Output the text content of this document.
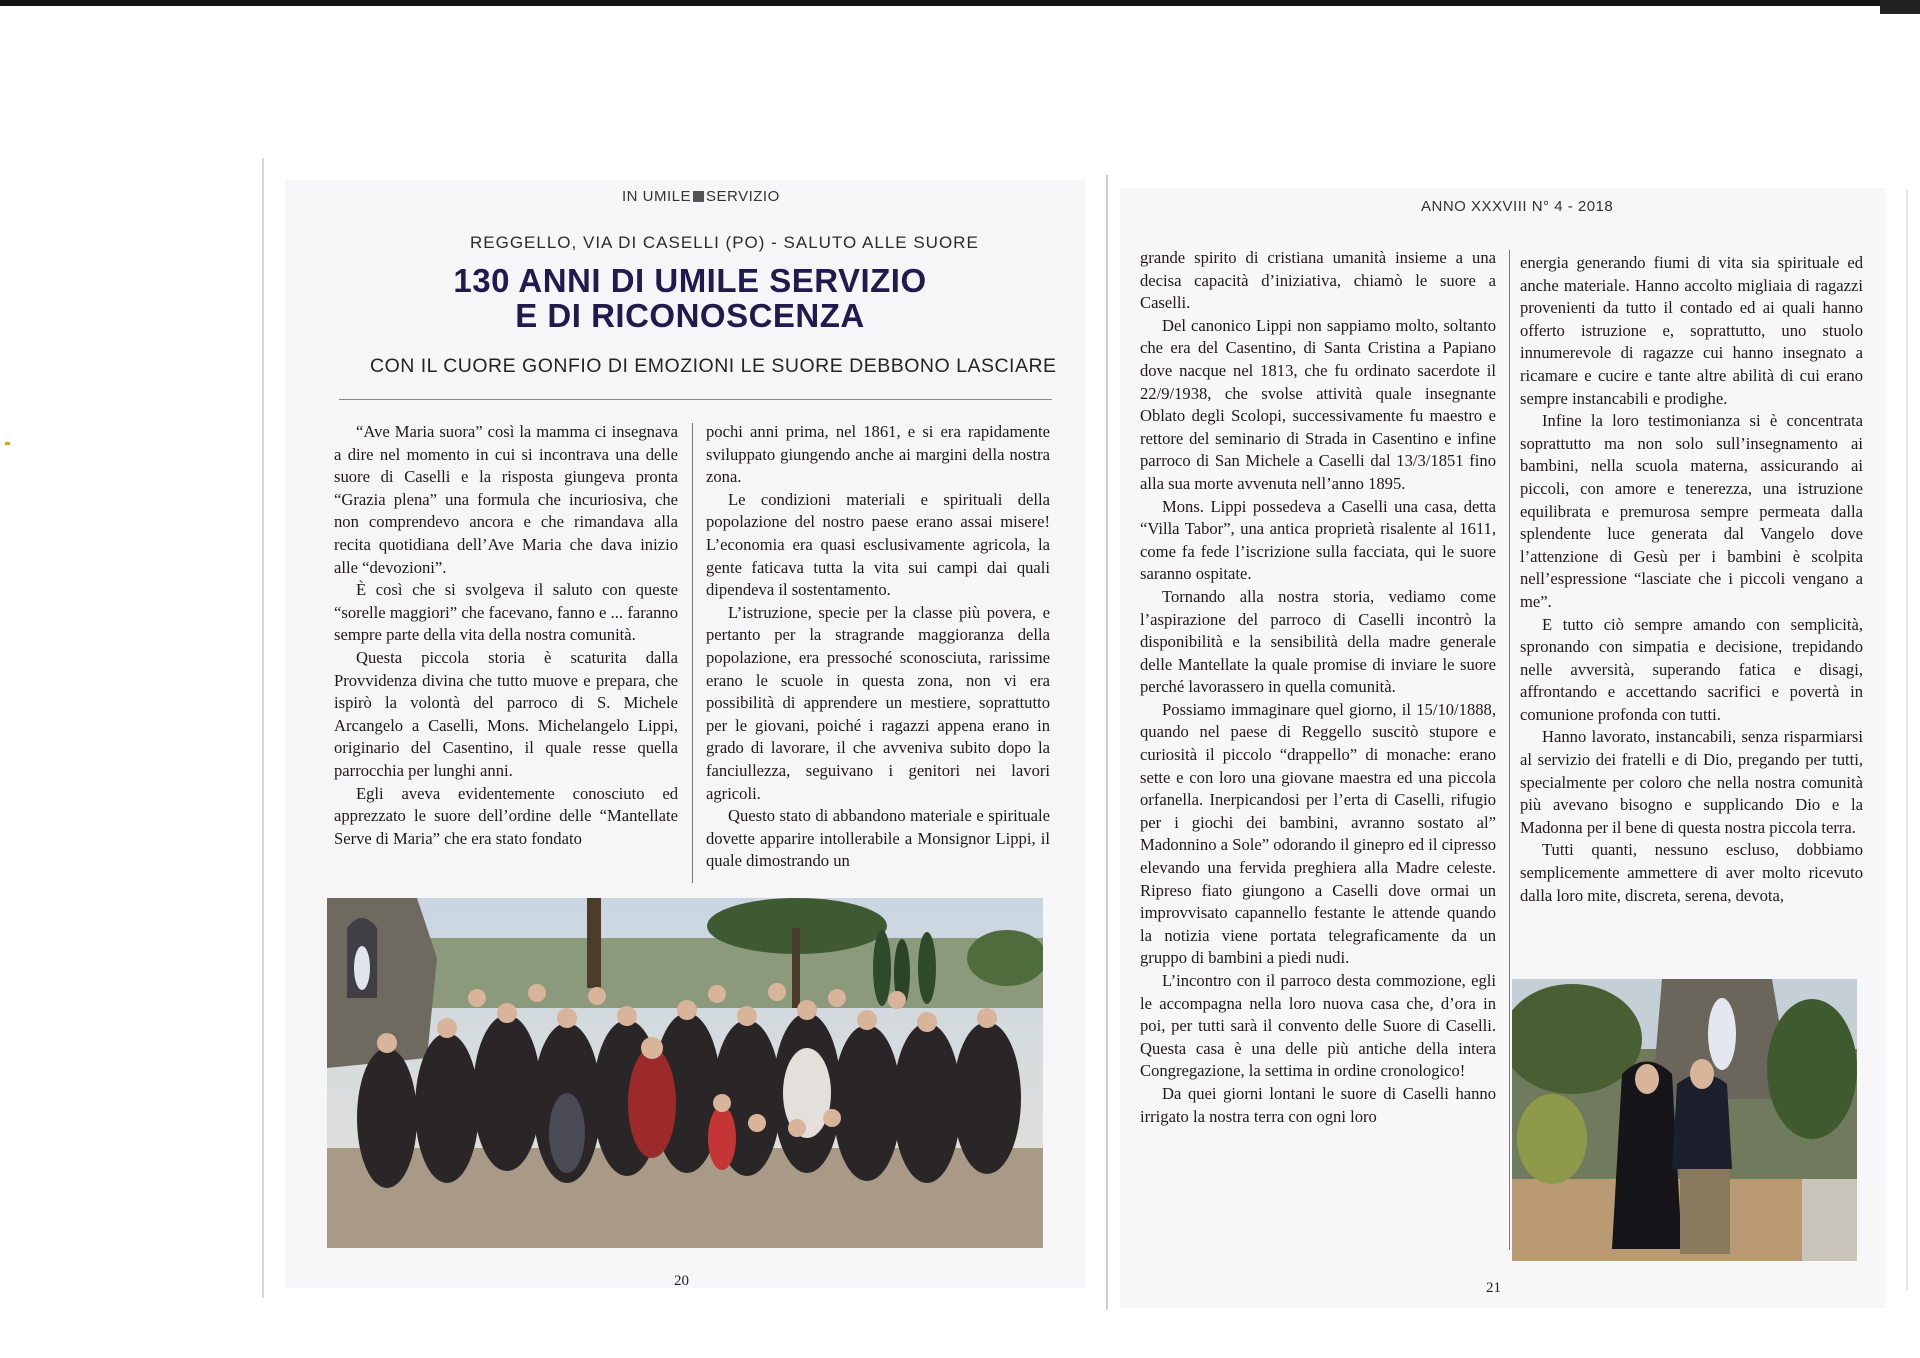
IN UMILE SERVIZIO
REGGELLO, VIA DI CASELLI (PO) - SALUTO ALLE SUORE
130 ANNI DI UMILE SERVIZIO
E DI RICONOSCENZA
CON IL CUORE GONFIO DI EMOZIONI LE SUORE DEBBONO LASCIARE

“Ave Maria suora” così la mamma ci insegnava a dire nel momento in cui si incontrava una delle suore di Caselli e la risposta giungeva pronta “Grazia plena” una formula che incuriosiva, che non comprendevo ancora e che rimandava alla recita quotidiana dell’Ave Maria che dava inizio alle “devozioni”.

È così che si svolgeva il saluto con queste “sorelle maggiori” che facevano, fanno e ... faranno sempre parte della vita della nostra comunità.

Questa piccola storia è scaturita dalla Provvidenza divina che tutto muove e prepara, che ispirò la volontà del parroco di S. Michele Arcangelo a Caselli, Mons. Michelangelo Lippi, originario del Casentino, il quale resse quella parrocchia per lunghi anni.

Egli aveva evidentemente conosciuto ed apprezzato le suore dell’ordine delle “Mantellate Serve di Maria” che era stato fondato

pochi anni prima, nel 1861, e si era rapidamente sviluppato giungendo anche ai margini della nostra zona.

Le condizioni materiali e spirituali della popolazione del nostro paese erano assai misere! L’economia era quasi esclusivamente agricola, la gente faticava tutta la vita sui campi dai quali dipendeva il sostentamento.

L’istruzione, specie per la classe più povera, e pertanto per la stragrande maggioranza della popolazione, era pressoché sconosciuta, rarissime erano le scuole in questa zona, non vi era possibilità di apprendere un mestiere, soprattutto per le giovani, poiché i ragazzi appena erano in grado di lavorare, il che avveniva subito dopo la fanciullezza, seguivano i genitori nei lavori agricoli.

Questo stato di abbandono materiale e spirituale dovette apparire intollerabile a Monsignor Lippi, il quale dimostrando un

20
ANNO XXXVIII N° 4 - 2018

grande spirito di cristiana umanità insieme a una decisa capacità d’iniziativa, chiamò le suore a Caselli.

Del canonico Lippi non sappiamo molto, soltanto che era del Casentino, di Santa Cristina a Papiano dove nacque nel 1813, che fu ordinato sacerdote il 22/9/1938, che svolse attività quale insegnante Oblato degli Scolopi, successivamente fu maestro e rettore del seminario di Strada in Casentino e infine parroco di San Michele a Caselli dal 13/3/1851 fino alla sua morte avvenuta nell’anno 1895.

Mons. Lippi possedeva a Caselli una casa, detta “Villa Tabor”, una antica proprietà risalente al 1611, come fa fede l’iscrizione sulla facciata, qui le suore saranno ospitate.

Tornando alla nostra storia, vediamo come l’aspirazione del parroco di Caselli incontrò la disponibilità e la sensibilità della madre generale delle Mantellate la quale promise di inviare le suore perché lavorassero in quella comunità.

Possiamo immaginare quel giorno, il 15/10/1888, quando nel paese di Reggello suscitò stupore e curiosità il piccolo “drappello” di monache: erano sette e con loro una giovane maestra ed una piccola orfanella. Inerpicandosi per l’erta di Caselli, rifugio per i giochi dei bambini, avranno sostato al” Madonnino a Sole” odorando il ginepro ed il cipresso elevando una fervida preghiera alla Madre celeste. Ripreso fiato giungono a Caselli dove ormai un improvvisato capannello festante le attende quando la notizia viene portata telegraficamente da un gruppo di bambini a piedi nudi.

L’incontro con il parroco desta commozione, egli le accompagna nella loro nuova casa che, d’ora in poi, per tutti sarà il convento delle Suore di Caselli. Questa casa è una delle più antiche della intera Congregazione, la settima in ordine cronologico!

Da quei giorni lontani le suore di Caselli hanno irrigato la nostra terra con ogni loro

energia generando fiumi di vita sia spirituale ed anche materiale. Hanno accolto migliaia di ragazzi provenienti da tutto il contado ed ai quali hanno offerto istruzione e, soprattutto, uno stuolo innumerevole di ragazze cui hanno insegnato a ricamare e cucire e tante altre abilità di cui erano sempre instancabili e prodighe.

Infine la loro testimonianza si è concentrata soprattutto ma non solo sull’insegnamento ai bambini, nella scuola materna, assicurando ai piccoli, con amore e tenerezza, una istruzione equilibrata e premurosa sempre permeata dalla splendente luce generata dal Vangelo dove l’attenzione di Gesù per i bambini è scolpita nell’espressione “lasciate che i piccoli vengano a me”.

E tutto ciò sempre amando con semplicità, spronando con simpatia e decisione, trepidando nelle avversità, superando fatica e disagi, affrontando e accettando sacrifici e povertà in comunione profonda con tutti.

Hanno lavorato, instancabili, senza risparmiarsi al servizio dei fratelli e di Dio, pregando per tutti, specialmente per coloro che nella nostra comunità più avevano bisogno e supplicando Dio e la Madonna per il bene di questa nostra piccola terra.

Tutti quanti, nessuno escluso, dobbiamo semplicemente ammettere di aver molto ricevuto dalla loro mite, discreta, serena, devota,

21
